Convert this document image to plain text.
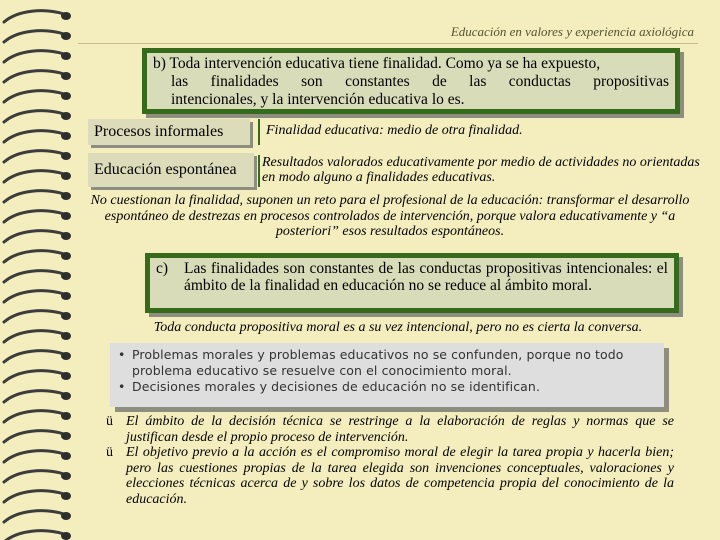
Educación en valores y experiencia axiológica
b) Toda intervención educativa tiene finalidad. Como ya se ha expuesto,
las finalidades son constantes de las conductas propositivas
intencionales, y la intervención educativa lo es.
Procesos informales	Finalidad educativa: medio de otra finalidad.
Educación espontánea	Resultados valorados educativamente por medio de actividades no orientadas en modo alguno a finalidades educativas.
No cuestionan la finalidad, suponen un reto para el profesional de la educación: transformar el desarrollo espontáneo de destrezas en procesos controlados de intervención, porque valora educativamente y “a posteriori” esos resultados espontáneos.
c)	Las finalidades son constantes de las conductas propositivas intencionales: el ámbito de la finalidad en educación no se reduce al ámbito moral.
Toda conducta propositiva moral es a su vez intencional, pero no es cierta la conversa.
• Problemas morales y problemas educativos no se confunden, porque no todo problema educativo se resuelve con el conocimiento moral.
• Decisiones morales y decisiones de educación no se identifican.
ü El ámbito de la decisión técnica se restringe a la elaboración de reglas y normas que se justifican desde el propio proceso de intervención.
ü El objetivo previo a la acción es el compromiso moral de elegir la tarea propia y hacerla bien; pero las cuestiones propias de la tarea elegida son invenciones conceptuales, valoraciones y elecciones técnicas acerca de y sobre los datos de competencia propia del conocimiento de la educación.
